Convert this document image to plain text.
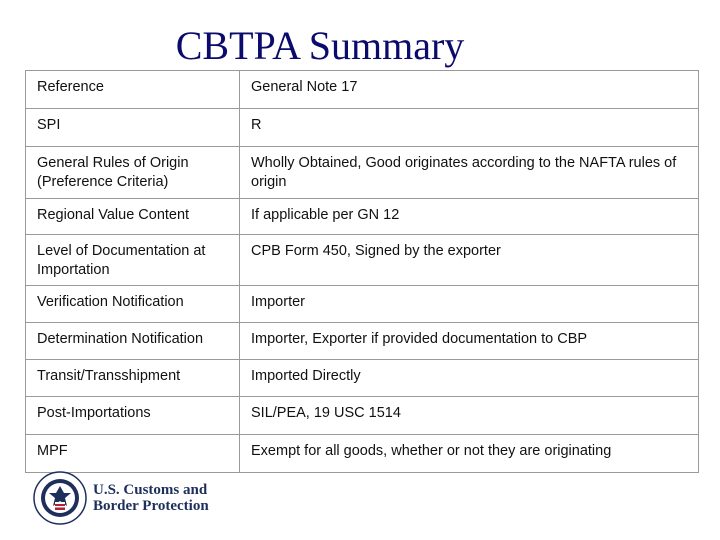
CBTPA Summary
Reference	General Note 17
SPI	R
General Rules of Origin (Preference Criteria)	Wholly Obtained, Good originates according to the NAFTA rules of origin
Regional Value Content	If applicable per GN 12
Level of Documentation at Importation	CPB Form 450, Signed by the exporter
Verification Notification	Importer
Determination Notification	Importer, Exporter if provided documentation to CBP
Transit/Transshipment	Imported Directly
Post-Importations	SIL/PEA, 19 USC 1514
MPF	Exempt for all goods, whether or not they are originating
U.S. Customs and
Border Protection
